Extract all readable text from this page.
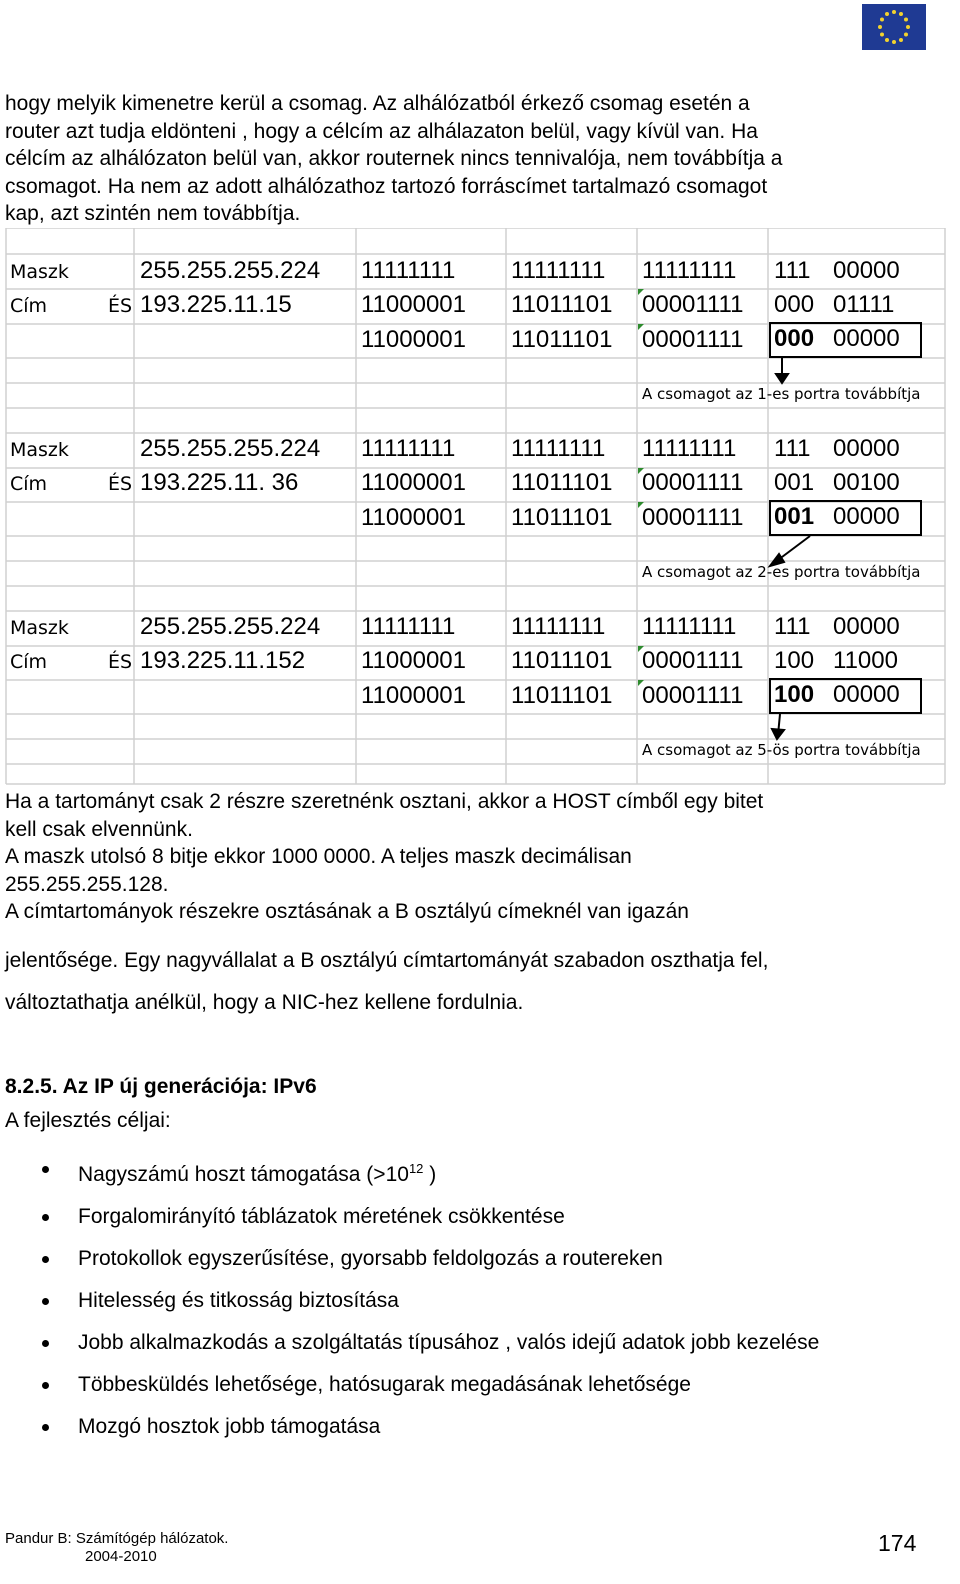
hogy melyik kimenetre kerül a csomag. Az alhálózatból érkező csomag esetén a
router azt tudja eldönteni , hogy a célcím az alhálazaton belül, vagy kívül van. Ha
célcím az alhálózaton belül van, akkor routernek nincs tennivalója, nem továbbítja a
csomagot. Ha nem az adott alhálózathoz tartozó forráscímet tartalmazó csomagot
kap, azt szintén nem továbbítja.
Maszk	255.255.255.224 11111111 11111111 11111111 111 00000
Cím	ÉS 193.225.11.15	11000001 11011101 00001111 000 01111
11000001 11011101 00001111 000 00000
A csomagot az 1-es portra továbbítja
Maszk	255.255.255.224 11111111 11111111 11111111 111 00000
Cím	ÉS 193.225.11. 36	11000001 11011101 00001111 001 00100
11000001 11011101 00001111 001 00000
A csomagot az 2-es portra továbbítja
Maszk	255.255.255.224 11111111 11111111 11111111 111 00000
Cím	ÉS 193.225.11.152 11000001 11011101 00001111 100 11000
11000001 11011101 00001111 100 00000
A csomagot az 5-ös portra továbbítja
Ha a tartományt csak 2 részre szeretnénk osztani, akkor a HOST címből egy bitet
kell csak elvennünk.
A maszk utolsó 8 bitje ekkor 1000 0000. A teljes maszk decimálisan
255.255.255.128.
A címtartományok részekre osztásának a B osztályú címeknél van igazán
jelentősége. Egy nagyvállalat a B osztályú címtartományát szabadon oszthatja fel,
változtathatja anélkül, hogy a NIC-hez kellene fordulnia.
8.2.5. Az IP új generációja: IPv6
A fejlesztés céljai:
Nagyszámú hoszt támogatása ($>10^{12}$ )
Forgalomirányító táblázatok méretének csökkentése
Protokollok egyszerűsítése, gyorsabb feldolgozás a routereken
Hitelesség és titkosság biztosítása
Jobb alkalmazkodás a szolgáltatás típusához , valós idejű adatok jobb kezelése
Többesküldés lehetősége, hatósugarak megadásának lehetősége
Mozgó hosztok jobb támogatása
Pandur B: Számítógép hálózatok.
2004-2010
174
